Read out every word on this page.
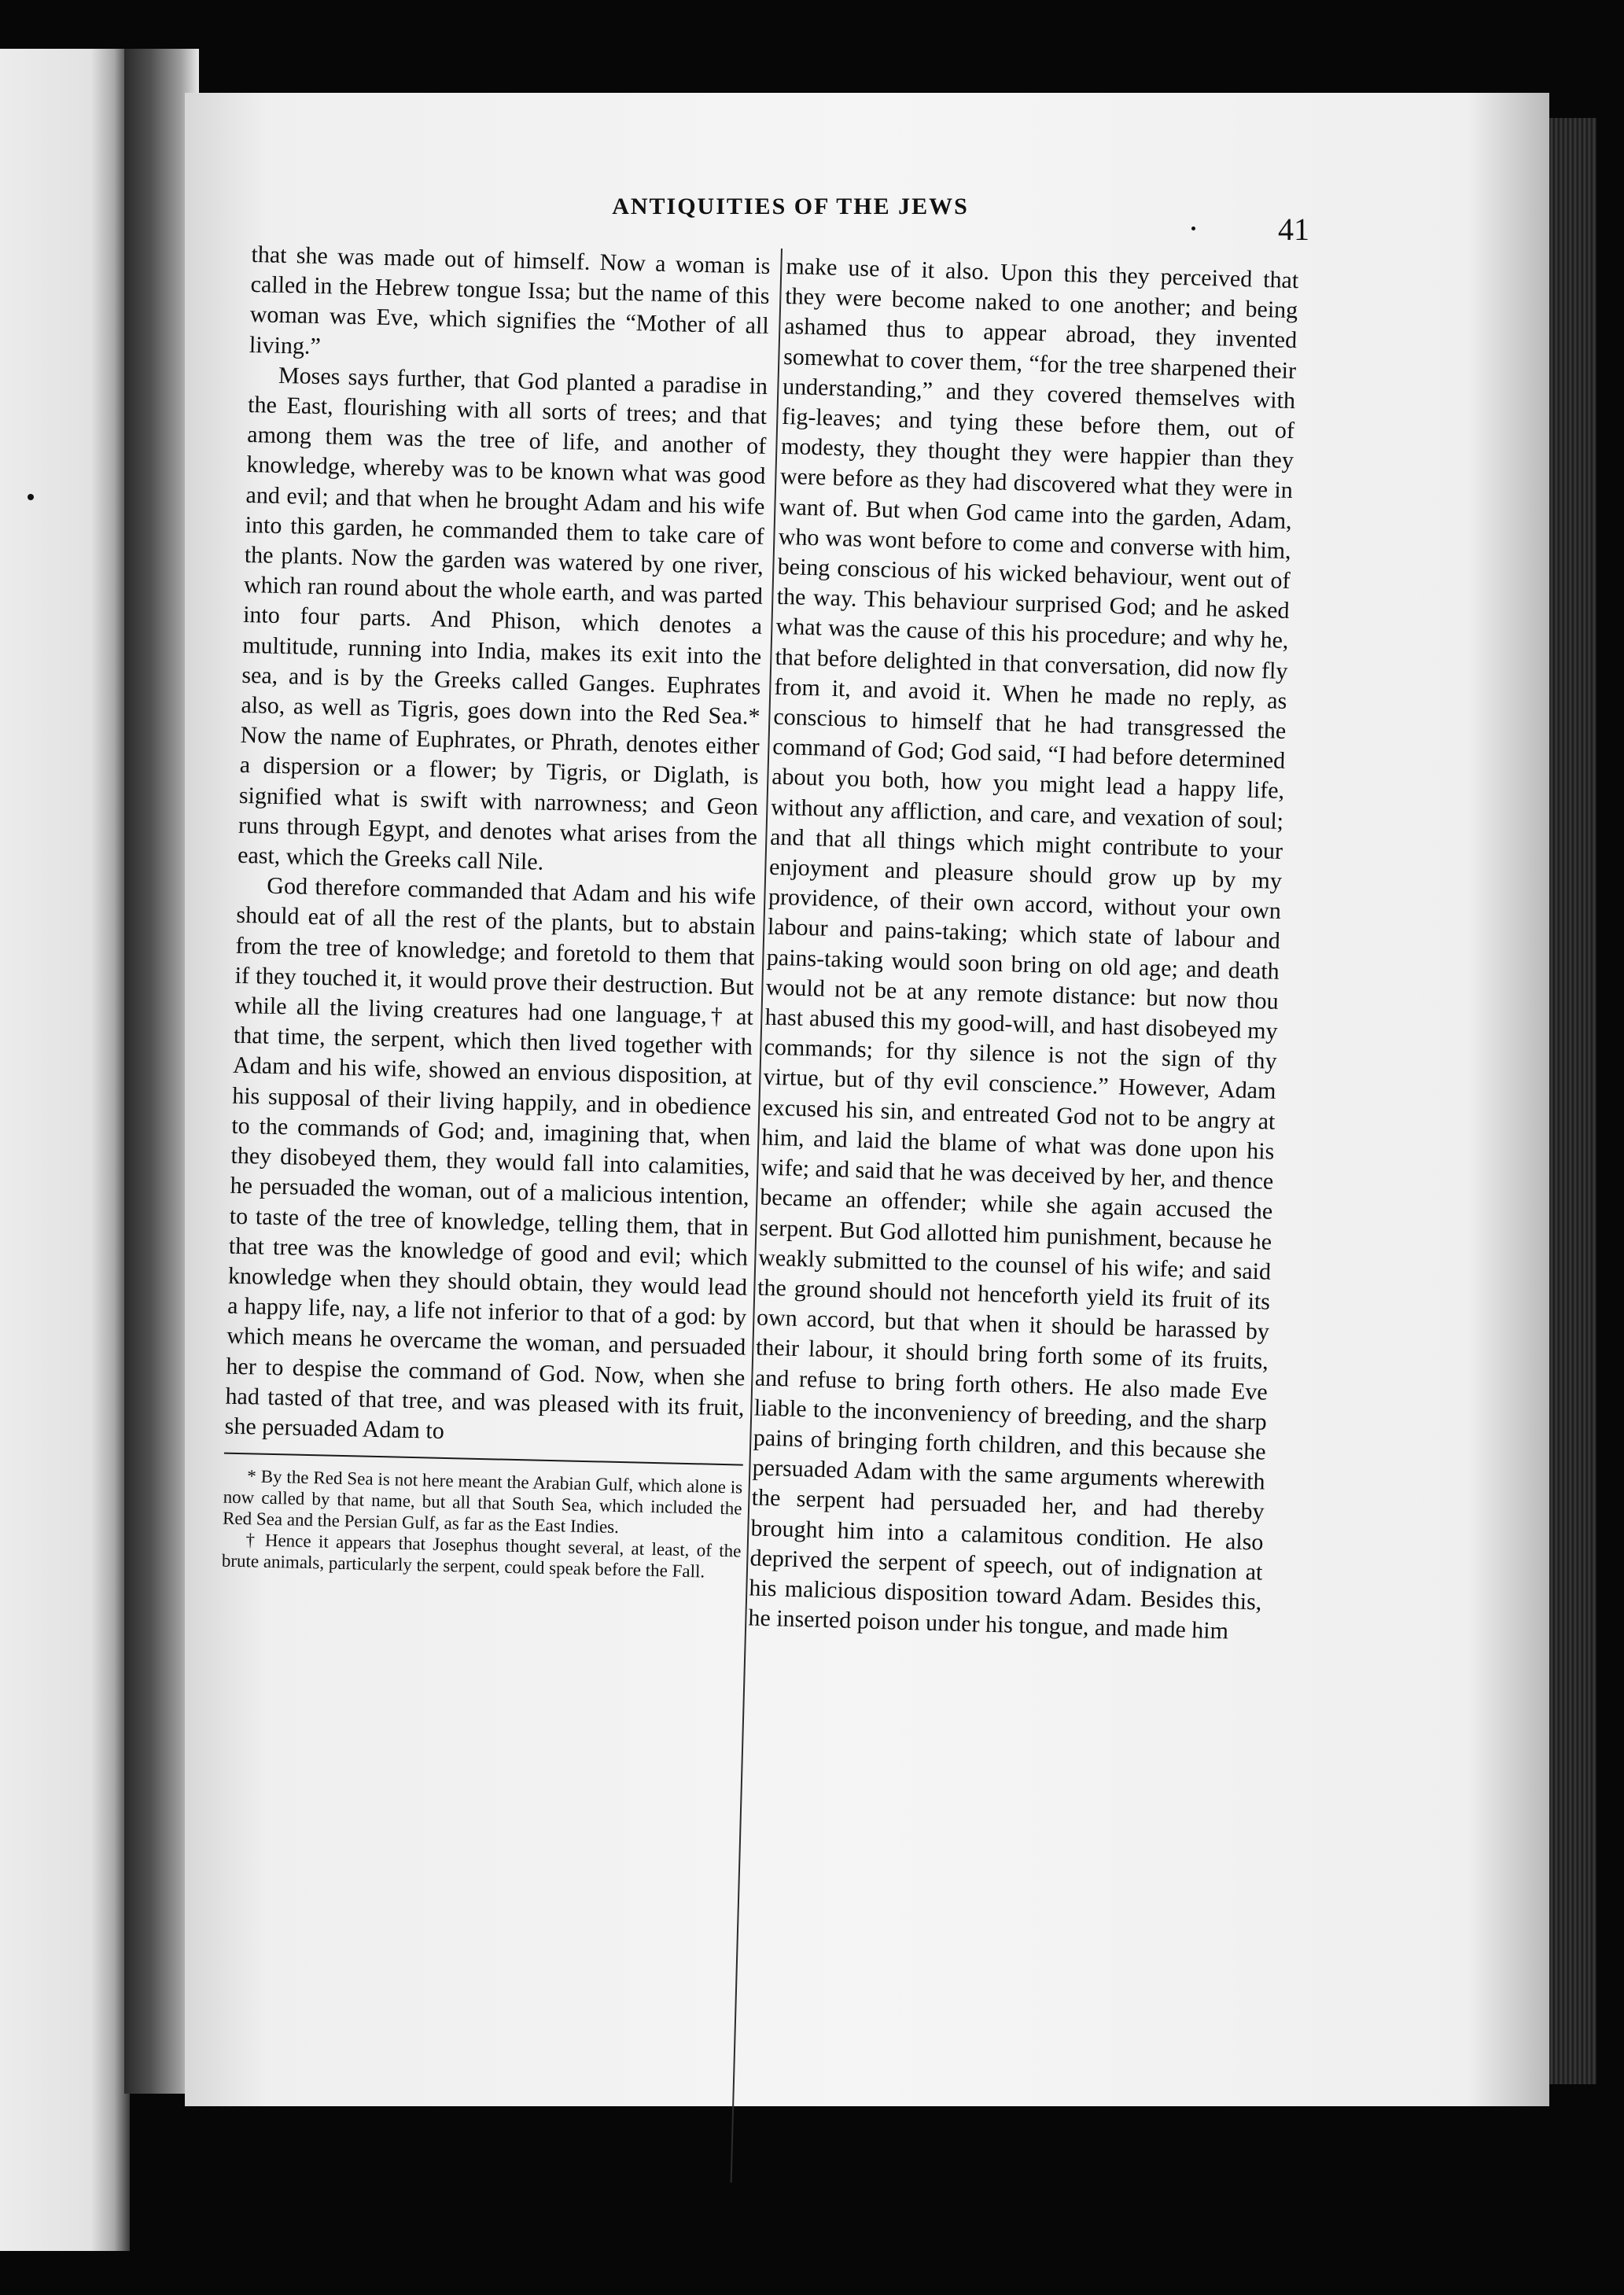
ANTIQUITIES OF THE JEWS
41

that she was made out of himself. Now a woman is called in the Hebrew tongue Issa; but the name of this woman was Eve, which signifies the “Mother of all living.”

Moses says further, that God planted a paradise in the East, flourishing with all sorts of trees; and that among them was the tree of life, and another of knowledge, whereby was to be known what was good and evil; and that when he brought Adam and his wife into this garden, he commanded them to take care of the plants. Now the garden was watered by one river, which ran round about the whole earth, and was parted into four parts. And Phison, which denotes a multitude, running into India, makes its exit into the sea, and is by the Greeks called Ganges. Euphrates also, as well as Tigris, goes down into the Red Sea.* Now the name of Euphrates, or Phrath, denotes either a dispersion or a flower; by Tigris, or Diglath, is signified what is swift with narrowness; and Geon runs through Egypt, and denotes what arises from the east, which the Greeks call Nile.

God therefore commanded that Adam and his wife should eat of all the rest of the plants, but to abstain from the tree of knowledge; and foretold to them that if they touched it, it would prove their destruction. But while all the living creatures had one language,† at that time, the serpent, which then lived together with Adam and his wife, showed an envious disposition, at his supposal of their living happily, and in obedience to the commands of God; and, imagining that, when they disobeyed them, they would fall into calamities, he persuaded the woman, out of a malicious intention, to taste of the tree of knowledge, telling them, that in that tree was the knowledge of good and evil; which knowledge when they should obtain, they would lead a happy life, nay, a life not inferior to that of a god: by which means he overcame the woman, and persuaded her to despise the command of God. Now, when she had tasted of that tree, and was pleased with its fruit, she persuaded Adam to

* By the Red Sea is not here meant the Arabian Gulf, which alone is now called by that name, but all that South Sea, which included the Red Sea and the Persian Gulf, as far as the East Indies.

† Hence it appears that Josephus thought several, at least, of the brute animals, particularly the serpent, could speak before the Fall.

make use of it also. Upon this they perceived that they were become naked to one another; and being ashamed thus to appear abroad, they invented somewhat to cover them, “for the tree sharpened their understanding,” and they covered themselves with fig-leaves; and tying these before them, out of modesty, they thought they were happier than they were before as they had discovered what they were in want of. But when God came into the garden, Adam, who was wont before to come and converse with him, being conscious of his wicked behaviour, went out of the way. This behaviour surprised God; and he asked what was the cause of this his procedure; and why he, that before delighted in that conversation, did now fly from it, and avoid it. When he made no reply, as conscious to himself that he had transgressed the command of God; God said, “I had before determined about you both, how you might lead a happy life, without any affliction, and care, and vexation of soul; and that all things which might contribute to your enjoyment and pleasure should grow up by my providence, of their own accord, without your own labour and pains-taking; which state of labour and pains-taking would soon bring on old age; and death would not be at any remote distance: but now thou hast abused this my good-will, and hast disobeyed my commands; for thy silence is not the sign of thy virtue, but of thy evil conscience.” However, Adam excused his sin, and entreated God not to be angry at him, and laid the blame of what was done upon his wife; and said that he was deceived by her, and thence became an offender; while she again accused the serpent. But God allotted him punishment, because he weakly submitted to the counsel of his wife; and said the ground should not henceforth yield its fruit of its own accord, but that when it should be harassed by their labour, it should bring forth some of its fruits, and refuse to bring forth others. He also made Eve liable to the inconveniency of breeding, and the sharp pains of bringing forth children, and this because she persuaded Adam with the same arguments wherewith the serpent had persuaded her, and had thereby brought him into a calamitous condition. He also deprived the serpent of speech, out of indignation at his malicious disposition toward Adam. Besides this, he inserted poison under his tongue, and made him
